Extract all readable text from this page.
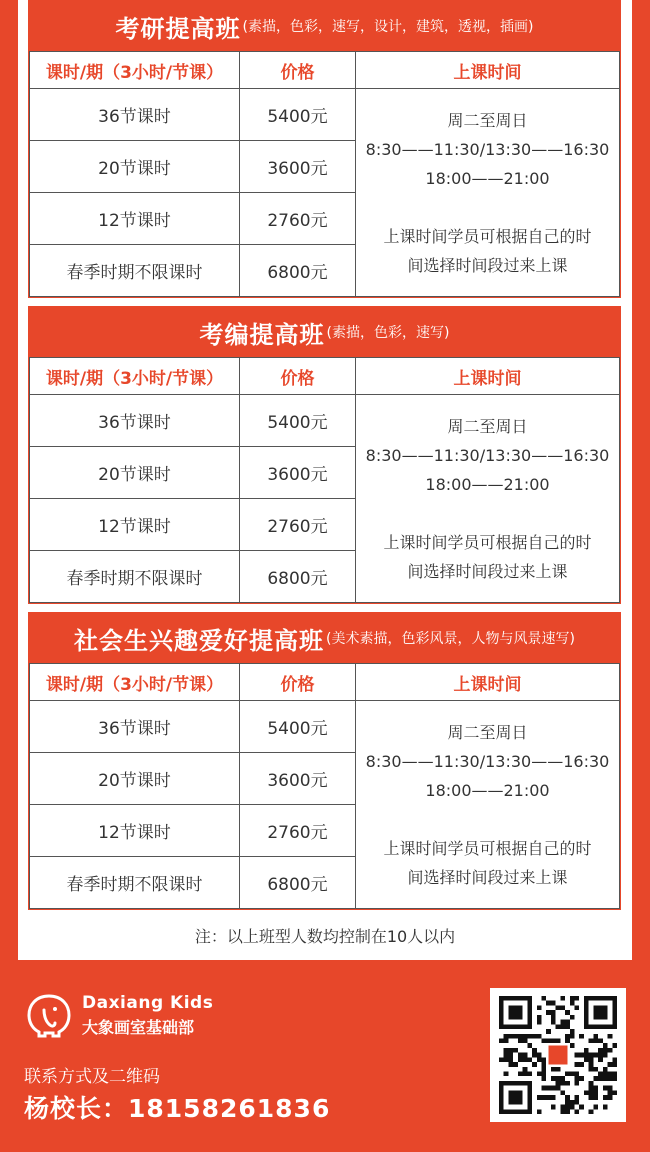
考研提高班 (素描，色彩，速写，设计，建筑，透视，插画)
课时/期（3小时/节课）	价格	上课时间
36节课时	5400元	周二至周日
8:30——11:30/13:30——16:30
18:00——21:00
上课时间学员可根据自己的时
间选择时间段过来上课

20节课时	3600元	
12节课时	2760元	
春季时期不限课时	6800元	
考编提高班 (素描，色彩，速写)
课时/期（3小时/节课）	价格	上课时间
36节课时	5400元	周二至周日
8:30——11:30/13:30——16:30
18:00——21:00
上课时间学员可根据自己的时
间选择时间段过来上课

20节课时	3600元	
12节课时	2760元	
春季时期不限课时	6800元	
社会生兴趣爱好提高班 (美术素描，色彩风景，人物与风景速写)
课时/期（3小时/节课）	价格	上课时间
36节课时	5400元	周二至周日
8:30——11:30/13:30——16:30
18:00——21:00
上课时间学员可根据自己的时
间选择时间段过来上课

20节课时	3600元	
12节课时	2760元	
春季时期不限课时	6800元	
注：以上班型人数均控制在10人以内
Daxiang Kids
大象画室基础部
联系方式及二维码
杨校长：18158261836
